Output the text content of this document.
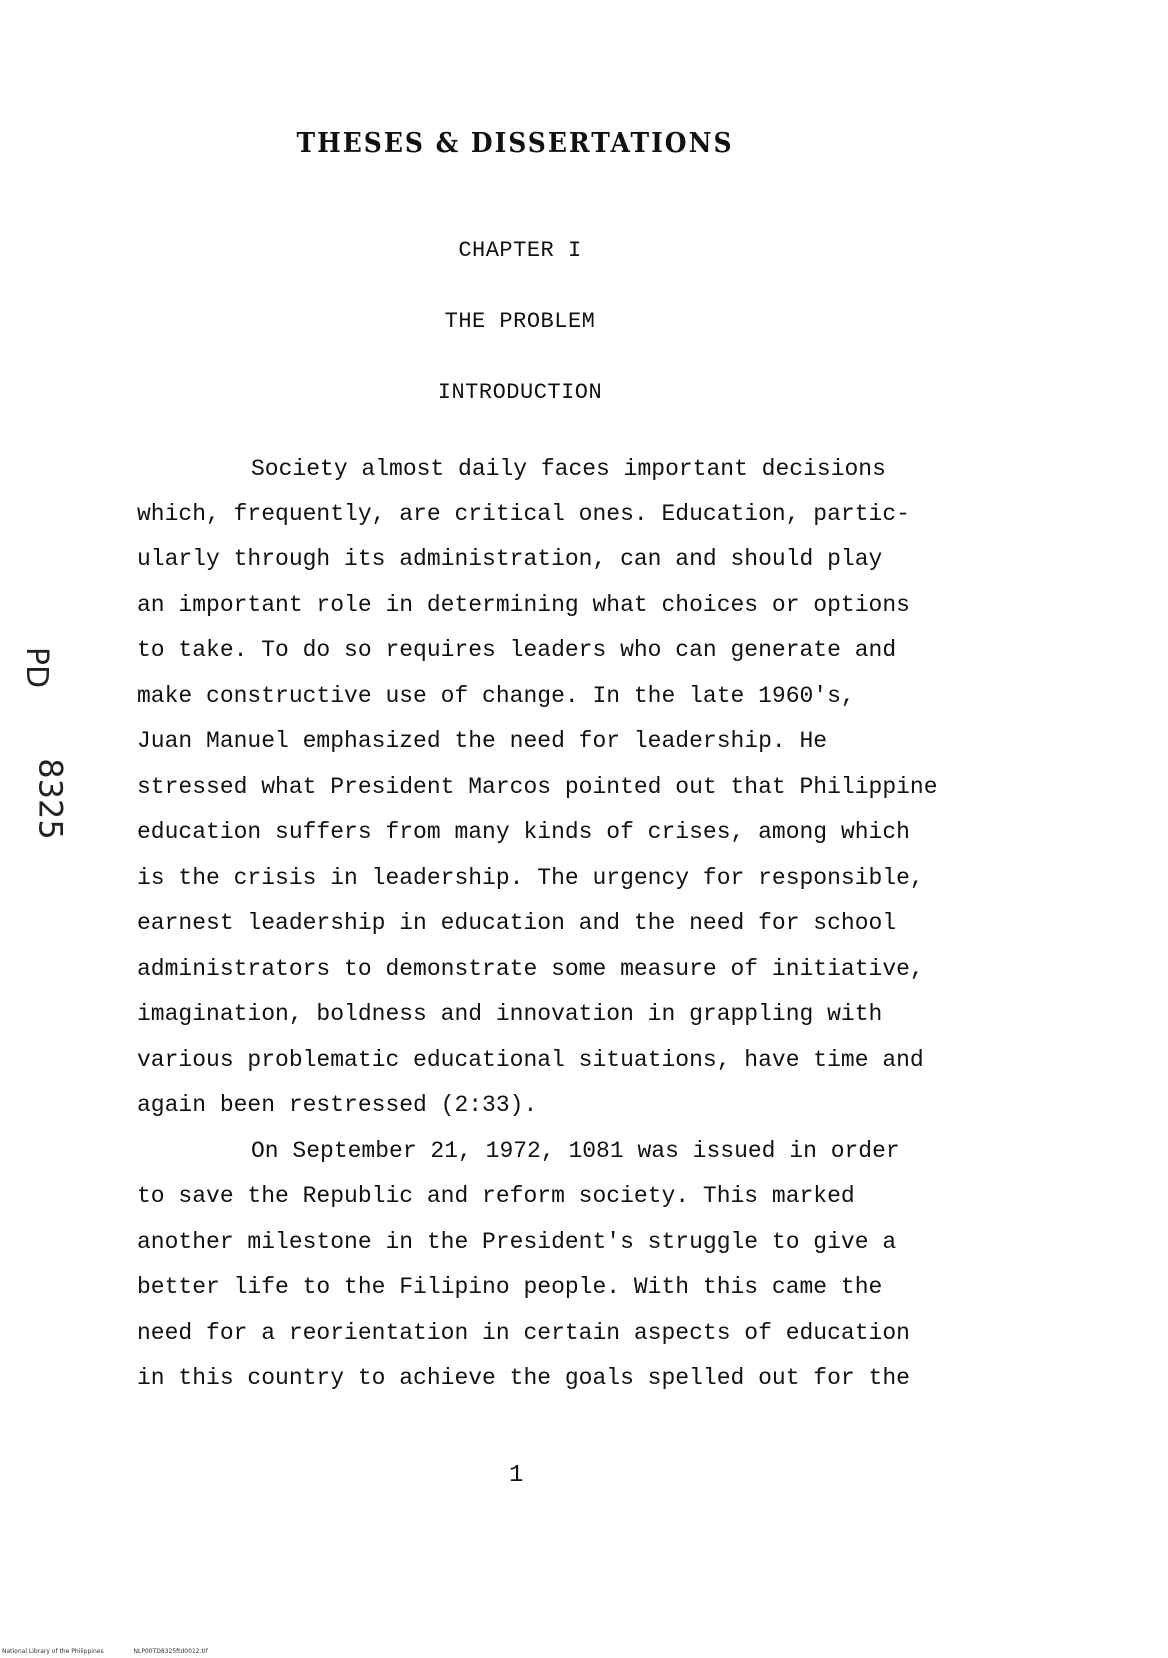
THESES & DISSERTATIONS
CHAPTER I
THE PROBLEM
INTRODUCTION
Society almost daily faces important decisions
which, frequently, are critical ones. Education, partic-
ularly through its administration, can and should play
an important role in determining what choices or options
to take. To do so requires leaders who can generate and
make constructive use of change. In the late 1960's,
Juan Manuel emphasized the need for leadership. He
stressed what President Marcos pointed out that Philippine
education suffers from many kinds of crises, among which
is the crisis in leadership. The urgency for responsible,
earnest leadership in education and the need for school
administrators to demonstrate some measure of initiative,
imagination, boldness and innovation in grappling with
various problematic educational situations, have time and
again been restressed (2:33).
On September 21, 1972, 1081 was issued in order
to save the Republic and reform society. This marked
another milestone in the President's struggle to give a
better life to the Filipino people. With this came the
need for a reorientation in certain aspects of education
in this country to achieve the goals spelled out for the
1
PD
8325
National Library of the Philippines	NLP00TD8325ftd0012.tif
